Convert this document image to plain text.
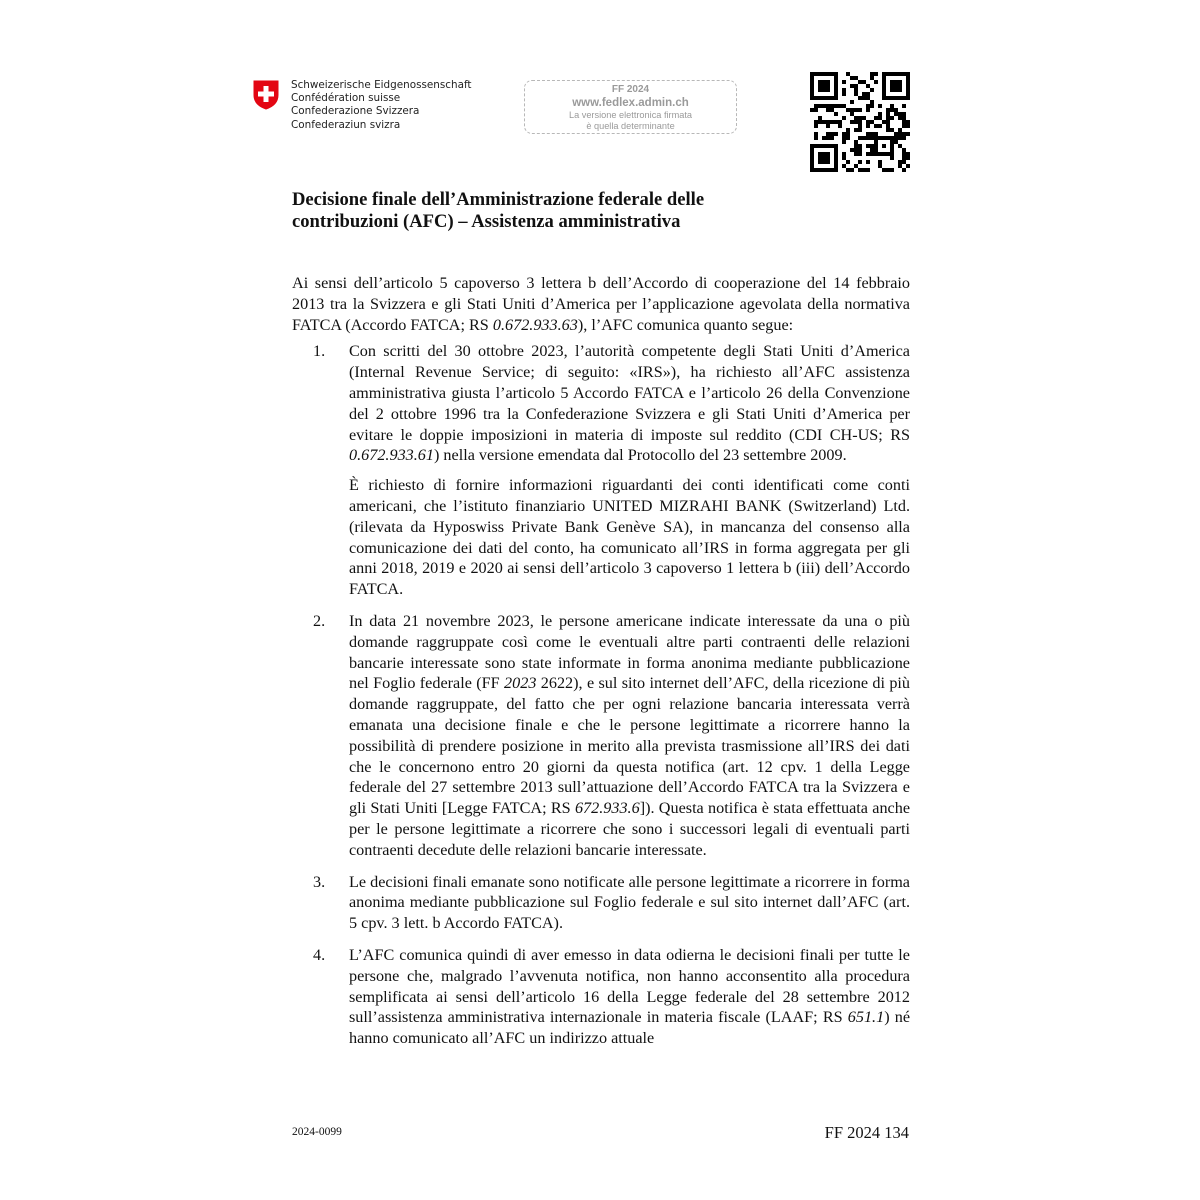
Schweizerische Eidgenossenschaft
Confédération suisse
Confederazione Svizzera
Confederaziun svizra
FF 2024
www.fedlex.admin.ch
La versione elettronica firmata
è quella determinante
Decisione finale dell’Amministrazione federale delle
contribuzioni (AFC) – Assistenza amministrativa

Ai sensi dell’articolo 5 capoverso 3 lettera b dell’Accordo di cooperazione del 14 febbraio 2013 tra la Svizzera e gli Stati Uniti d’America per l’applicazione agevolata della normativa FATCA (Accordo FATCA; RS 0.672.933.63), l’AFC comunica quanto segue:

1.	Con scritti del 30 ottobre 2023, l’autorità competente degli Stati Uniti d’America (Internal Revenue Service; di seguito: «IRS»), ha richiesto all’AFC assistenza amministrativa giusta l’articolo 5 Accordo FATCA e l’articolo 26 della Convenzione del 2 ottobre 1996 tra la Confederazione Svizzera e gli Stati Uniti d’America per evitare le doppie imposizioni in materia di imposte sul reddito (CDI CH-US; RS 0.672.933.61) nella versione emendata dal Protocollo del 23 settembre 2009.

È richiesto di fornire informazioni riguardanti dei conti identificati come conti americani, che l’istituto finanziario UNITED MIZRAHI BANK (Switzerland) Ltd. (rilevata da Hyposwiss Private Bank Genève SA), in mancanza del consenso alla comunicazione dei dati del conto, ha comunicato all’IRS in forma aggregata per gli anni 2018, 2019 e 2020 ai sensi dell’articolo 3 capoverso 1 lettera b (iii) dell’Accordo FATCA.

2.	In data 21 novembre 2023, le persone americane indicate interessate da una o più domande raggruppate così come le eventuali altre parti contraenti delle relazioni bancarie interessate sono state informate in forma anonima mediante pubblicazione nel Foglio federale (FF 2023 2622), e sul sito internet dell’AFC, della ricezione di più domande raggruppate, del fatto che per ogni relazione bancaria interessata verrà emanata una decisione finale e che le persone legittimate a ricorrere hanno la possibilità di prendere posizione in merito alla prevista trasmissione all’IRS dei dati che le concernono entro 20 giorni da questa notifica (art. 12 cpv. 1 della Legge federale del 27 settembre 2013 sull’attuazione dell’Accordo FATCA tra la Svizzera e gli Stati Uniti [Legge FATCA; RS 672.933.6]). Questa notifica è stata effettuata anche per le persone legittimate a ricorrere che sono i successori legali di eventuali parti contraenti decedute delle relazioni bancarie interessate.

3.	Le decisioni finali emanate sono notificate alle persone legittimate a ricorrere in forma anonima mediante pubblicazione sul Foglio federale e sul sito internet dall’AFC (art. 5 cpv. 3 lett. b Accordo FATCA).

4.	L’AFC comunica quindi di aver emesso in data odierna le decisioni finali per tutte le persone che, malgrado l’avvenuta notifica, non hanno acconsentito alla procedura semplificata ai sensi dell’articolo 16 della Legge federale del 28 settembre 2012 sull’assistenza amministrativa internazionale in materia fiscale (LAAF; RS 651.1) né hanno comunicato all’AFC un indirizzo attuale

2024-0099	FF 2024 134
